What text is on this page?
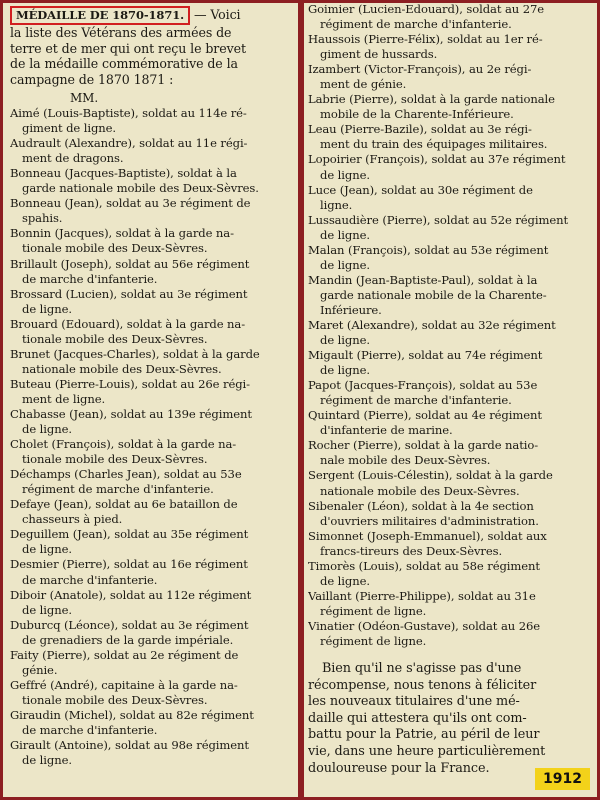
MÉDAILLE DE 1870-1871. — Voici
la liste des Vétérans des armées de
terre et de mer qui ont reçu le brevet
de la médaille commémorative de la
campagne de 1870 1871 :
MM.
Aimé (Louis-Baptiste), soldat au 114e ré-
giment de ligne.
Audrault (Alexandre), soldat au 11e régi-
ment de dragons.
Bonneau (Jacques-Baptiste), soldat à la
garde nationale mobile des Deux-Sèvres.
Bonneau (Jean), soldat au 3e régiment de
spahis.
Bonnin (Jacques), soldat à la garde na-
tionale mobile des Deux-Sèvres.
Brillault (Joseph), soldat au 56e régiment
de marche d'infanterie.
Brossard (Lucien), soldat au 3e régiment
de ligne.
Brouard (Edouard), soldat à la garde na-
tionale mobile des Deux-Sèvres.
Brunet (Jacques-Charles), soldat à la garde
nationale mobile des Deux-Sèvres.
Buteau (Pierre-Louis), soldat au 26e régi-
ment de ligne.
Chabasse (Jean), soldat au 139e régiment
de ligne.
Cholet (François), soldat à la garde na-
tionale mobile des Deux-Sèvres.
Déchamps (Charles Jean), soldat au 53e
régiment de marche d'infanterie.
Defaye (Jean), soldat au 6e bataillon de
chasseurs à pied.
Deguillem (Jean), soldat au 35e régiment
de ligne.
Desmier (Pierre), soldat au 16e régiment
de marche d'infanterie.
Diboir (Anatole), soldat au 112e régiment
de ligne.
Duburcq (Léonce), soldat au 3e régiment
de grenadiers de la garde impériale.
Faity (Pierre), soldat au 2e régiment de
génie.
Geffré (André), capitaine à la garde na-
tionale mobile des Deux-Sèvres.
Giraudin (Michel), soldat au 82e régiment
de marche d'infanterie.
Girault (Antoine), soldat au 98e régiment
de ligne.
Goimier (Lucien-Edouard), soldat au 27e
régiment de marche d'infanterie.
Haussois (Pierre-Félix), soldat au 1er ré-
giment de hussards.
Izambert (Victor-François), au 2e régi-
ment de génie.
Labrie (Pierre), soldat à la garde nationale
mobile de la Charente-Inférieure.
Leau (Pierre-Bazile), soldat au 3e régi-
ment du train des équipages militaires.
Lopoirier (François), soldat au 37e régiment
de ligne.
Luce (Jean), soldat au 30e régiment de
ligne.
Lussaudière (Pierre), soldat au 52e régiment
de ligne.
Malan (François), soldat au 53e régiment
de ligne.
Mandin (Jean-Baptiste-Paul), soldat à la
garde nationale mobile de la Charente-
Inférieure.
Maret (Alexandre), soldat au 32e régiment
de ligne.
Migault (Pierre), soldat au 74e régiment
de ligne.
Papot (Jacques-François), soldat au 53e
régiment de marche d'infanterie.
Quintard (Pierre), soldat au 4e régiment
d'infanterie de marine.
Rocher (Pierre), soldat à la garde natio-
nale mobile des Deux-Sèvres.
Sergent (Louis-Célestin), soldat à la garde
nationale mobile des Deux-Sèvres.
Sibenaler (Léon), soldat à la 4e section
d'ouvriers militaires d'administration.
Simonnet (Joseph-Emmanuel), soldat aux
francs-tireurs des Deux-Sèvres.
Timorès (Louis), soldat au 58e régiment
de ligne.
Vaillant (Pierre-Philippe), soldat au 31e
régiment de ligne.
Vinatier (Odéon-Gustave), soldat au 26e
régiment de ligne.
Bien qu'il ne s'agisse pas d'une
récompense, nous tenons à féliciter
les nouveaux titulaires d'une mé-
daille qui attestera qu'ils ont com-
battu pour la Patrie, au péril de leur
vie, dans une heure particulièrement
douloureuse pour la France.
1912
